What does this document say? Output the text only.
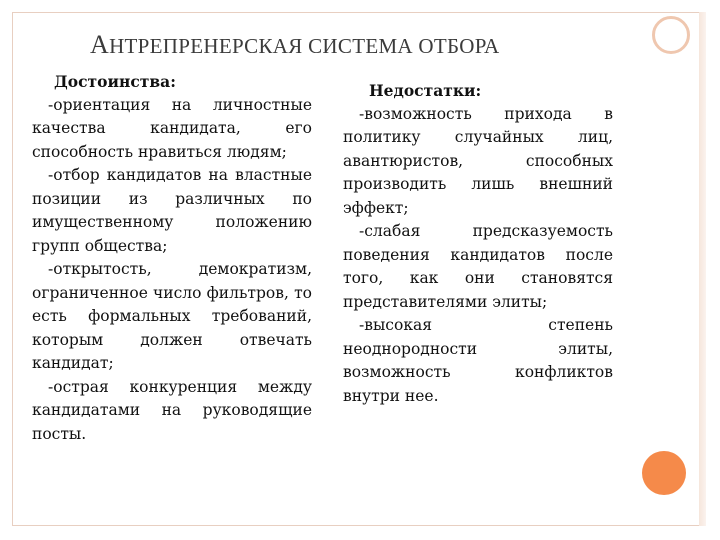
АНТРЕПРЕНЕРСКАЯ СИСТЕМА ОТБОРА
Достоинства:
-ориентация на личностные качества кандидата, его способность нравиться людям;
-отбор кандидатов на властные позиции из различных по имущественному положению групп общества;
-открытость, демократизм, ограниченное число фильтров, то есть формальных требований, которым должен отвечать кандидат;
-острая конкуренция между кандидатами на руководящие посты.
Недостатки:
-возможность прихода в политику случайных лиц, авантюристов, способных производить лишь внешний эффект;
-слабая предсказуемость поведения кандидатов после того, как они становятся представителями элиты;
-высокая степень неоднородности элиты, возможность конфликтов внутри нее.
